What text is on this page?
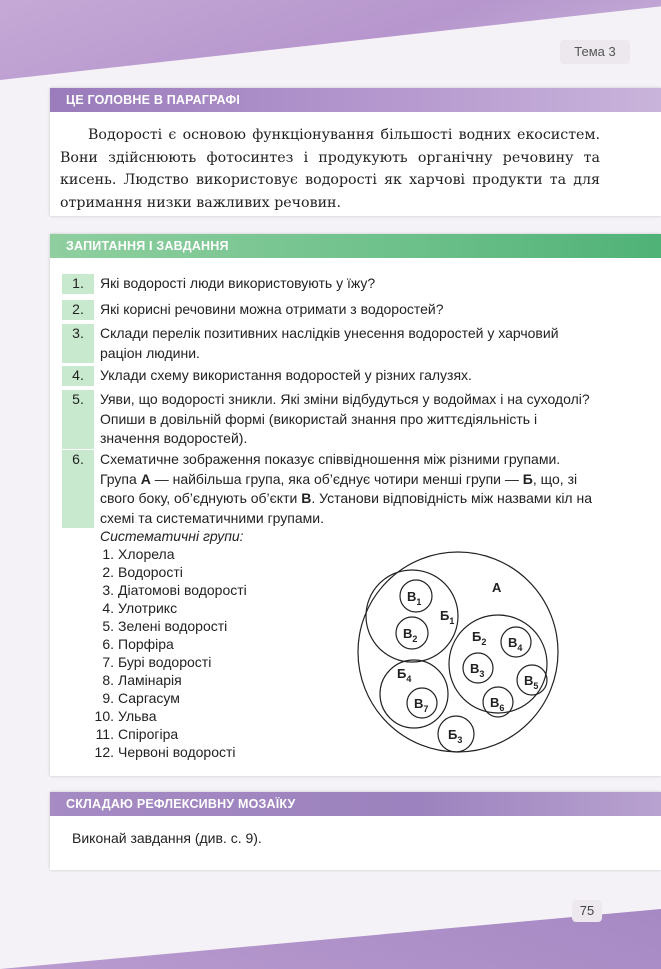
Тема 3
ЦЕ ГОЛОВНЕ В ПАРАГРАФІ
Водорості є основою функціонування більшості водних екосистем. Вони здійснюють фотосинтез і продукують органічну речовину та кисень. Людство використовує водорості як харчові продукти та для отримання низки важливих речовин.
ЗАПИТАННЯ І ЗАВДАННЯ
1.	Які водорості люди використовують у їжу?
2.	Які корисні речовини можна отримати з водоростей?
3.	Склади перелік позитивних наслідків унесення водоростей у харчовий раціон людини.
4.	Уклади схему використання водоростей у різних галузях.
5.	Уяви, що водорості зникли. Які зміни відбудуться у водоймах і на суходолі? Опиши в довільній формі (використай знання про життєдіяльність і значення водоростей).
6.	Схематичне зображення показує співвідношення між різними групами. Група А — найбільша група, яка об’єднує чотири менші групи — Б, що, зі свого боку, об’єднують об’єкти В. Установи відповідність між назвами кіл на схемі та систематичними групами.
Систематичні групи:
1. Хлорела
2. Водорості
3. Діатомові водорості
4. Улотрикс
5. Зелені водорості
6. Порфіра
7. Бурі водорості
8. Ламінарія
9. Саргасум
10. Ульва
11. Спірогіра
12. Червоні водорості
А
$Б_1$
$В_1$
$В_2$	$Б_2$ $В_4$
$В_3$	$В_5$
$В_6$
$Б_4$
$В_7$
$Б_3$
СКЛАДАЮ РЕФЛЕКСИВНУ МОЗАЇКУ
Виконай завдання (див. с. 9).
75
